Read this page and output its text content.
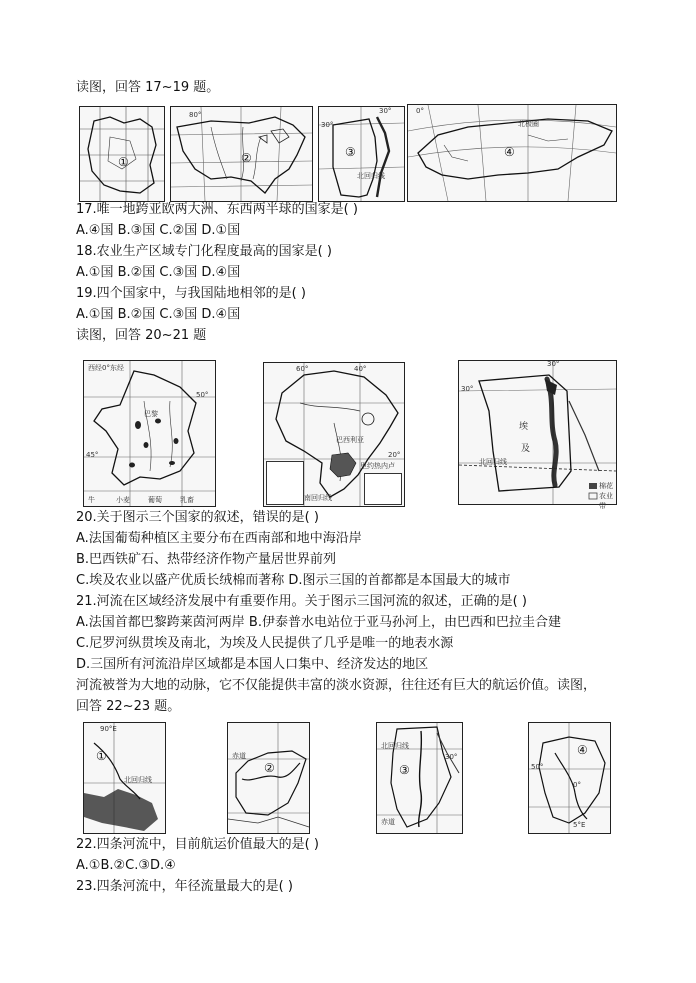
读图，回答 17~19 题。
①
80°
②
30°
30°
③
北回归线
0°
北极圈
④
17.唯一地跨亚欧两大洲、东西两半球的国家是( )
A.④国 B.③国 C.②国 D.①国
18.农业生产区域专门化程度最高的国家是( )
A.①国 B.②国 C.③国 D.④国
19.四个国家中，与我国陆地相邻的是( )
A.①国 B.②国 C.③国 D.④国
读图，回答 20~21 题
西经0°东经
50°
巴黎
45°
牛	小麦	葡萄	乳畜
60°	40°
巴西利亚
20°
里约热内卢
南回归线
30°
30°
埃
及
北回归线
棉花
农业带
20.关于图示三个国家的叙述，错误的是( )
A.法国葡萄种植区主要分布在西南部和地中海沿岸
B.巴西铁矿石、热带经济作物产量居世界前列
C.埃及农业以盛产优质长绒棉而著称 D.图示三国的首都都是本国最大的城市
21.河流在区域经济发展中有重要作用。关于图示三国河流的叙述，正确的是( )
A.法国首都巴黎跨莱茵河两岸 B.伊泰普水电站位于亚马孙河上，由巴西和巴拉圭合建
C.尼罗河纵贯埃及南北，为埃及人民提供了几乎是唯一的地表水源
D.三国所有河流沿岸区域都是本国人口集中、经济发达的地区
河流被誉为大地的动脉，它不仅能提供丰富的淡水资源，往往还有巨大的航运价值。读图，
回答 22~23 题。
90°E
①
北回归线
赤道
②
北回归线
30°
③
赤道
④
50°
0°
5°E
22.四条河流中，目前航运价值最大的是( )
A.①B.②C.③D.④
23.四条河流中，年径流量最大的是( )
